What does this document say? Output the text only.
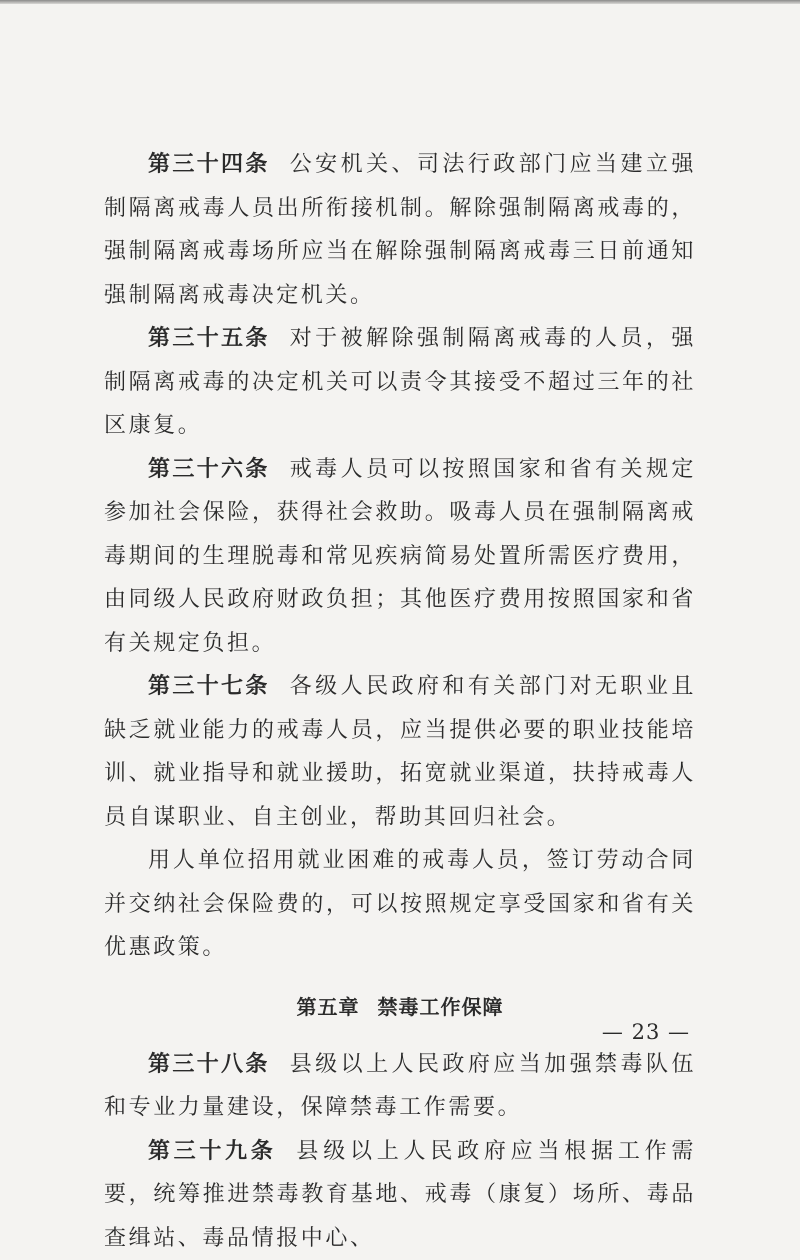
第三十四条 公安机关、司法行政部门应当建立强制隔离戒毒人员出所衔接机制。解除强制隔离戒毒的，强制隔离戒毒场所应当在解除强制隔离戒毒三日前通知强制隔离戒毒决定机关。

第三十五条 对于被解除强制隔离戒毒的人员，强制隔离戒毒的决定机关可以责令其接受不超过三年的社区康复。

第三十六条 戒毒人员可以按照国家和省有关规定参加社会保险，获得社会救助。吸毒人员在强制隔离戒毒期间的生理脱毒和常见疾病简易处置所需医疗费用，由同级人民政府财政负担；其他医疗费用按照国家和省有关规定负担。

第三十七条 各级人民政府和有关部门对无职业且缺乏就业能力的戒毒人员，应当提供必要的职业技能培训、就业指导和就业援助，拓宽就业渠道，扶持戒毒人员自谋职业、自主创业，帮助其回归社会。

用人单位招用就业困难的戒毒人员，签订劳动合同并交纳社会保险费的，可以按照规定享受国家和省有关优惠政策。

第五章 禁毒工作保障

第三十八条 县级以上人民政府应当加强禁毒队伍和专业力量建设，保障禁毒工作需要。

第三十九条 县级以上人民政府应当根据工作需要，统筹推进禁毒教育基地、戒毒（康复）场所、毒品查缉站、毒品情报中心、

— 23 —
